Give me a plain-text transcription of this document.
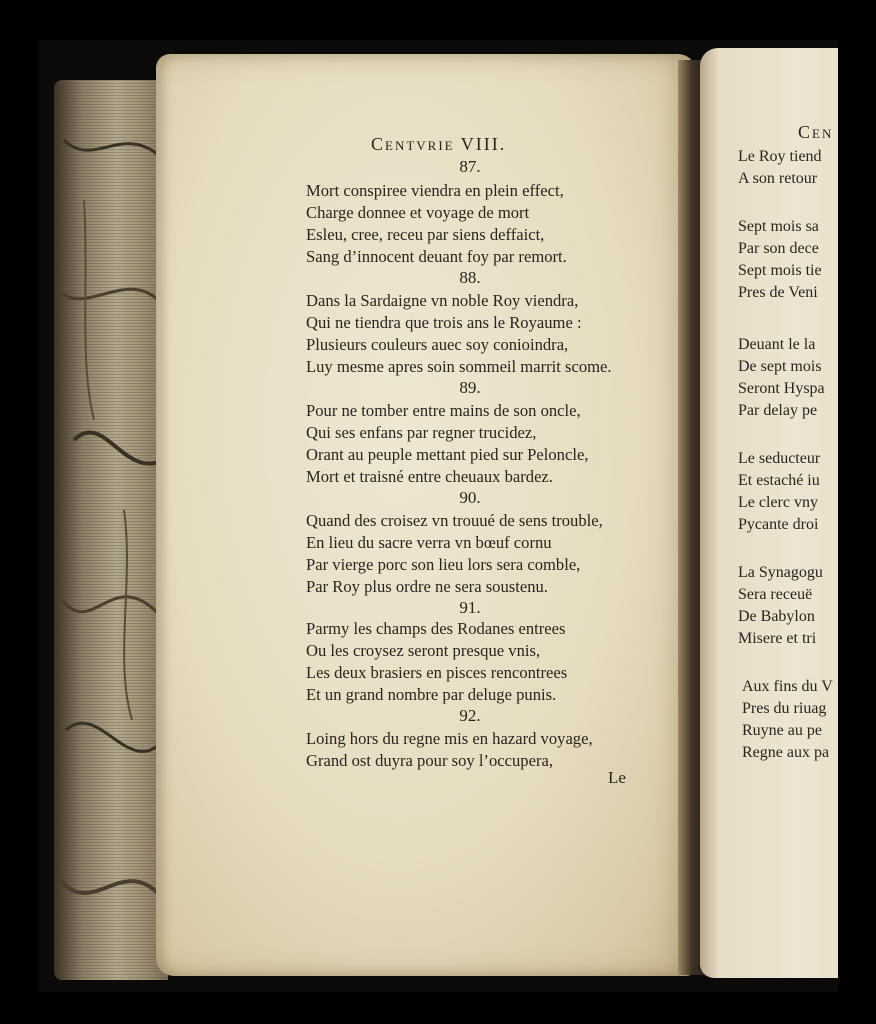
Centvrie VIII.
87.
Mort conspiree viendra en plein effect,
Charge donnee et voyage de mort
Esleu, cree, receu par siens deffaict,
Sang d’innocent deuant foy par remort.
88.
Dans la Sardaigne vn noble Roy viendra,
Qui ne tiendra que trois ans le Royaume :
Plusieurs couleurs auec soy conioindra,
Luy mesme apres soin sommeil marrit scome.
89.
Pour ne tomber entre mains de son oncle,
Qui ses enfans par regner trucidez,
Orant au peuple mettant pied sur Peloncle,
Mort et traisné entre cheuaux bardez.
90.
Quand des croisez vn trouué de sens trouble,
En lieu du sacre verra vn bœuf cornu
Par vierge porc son lieu lors sera comble,
Par Roy plus ordre ne sera soustenu.
91.
Parmy les champs des Rodanes entrees
Ou les croysez seront presque vnis,
Les deux brasiers en pisces rencontrees
Et un grand nombre par deluge punis.
92.
Loing hors du regne mis en hazard voyage,
Grand ost duyra pour soy l’occupera,
Le
Cen
Le Roy tiend
A son retour
Sept mois sa
Par son dece
Sept mois tie
Pres de Veni
Deuant le la
De sept mois
Seront Hyspa
Par delay pe
Le seducteur
Et estaché iu
Le clerc vny
Pycante droi
La Synagogu
Sera receuë
De Babylon
Misere et tri
Aux fins du V
Pres du riuag
Ruyne au pe
Regne aux pa
